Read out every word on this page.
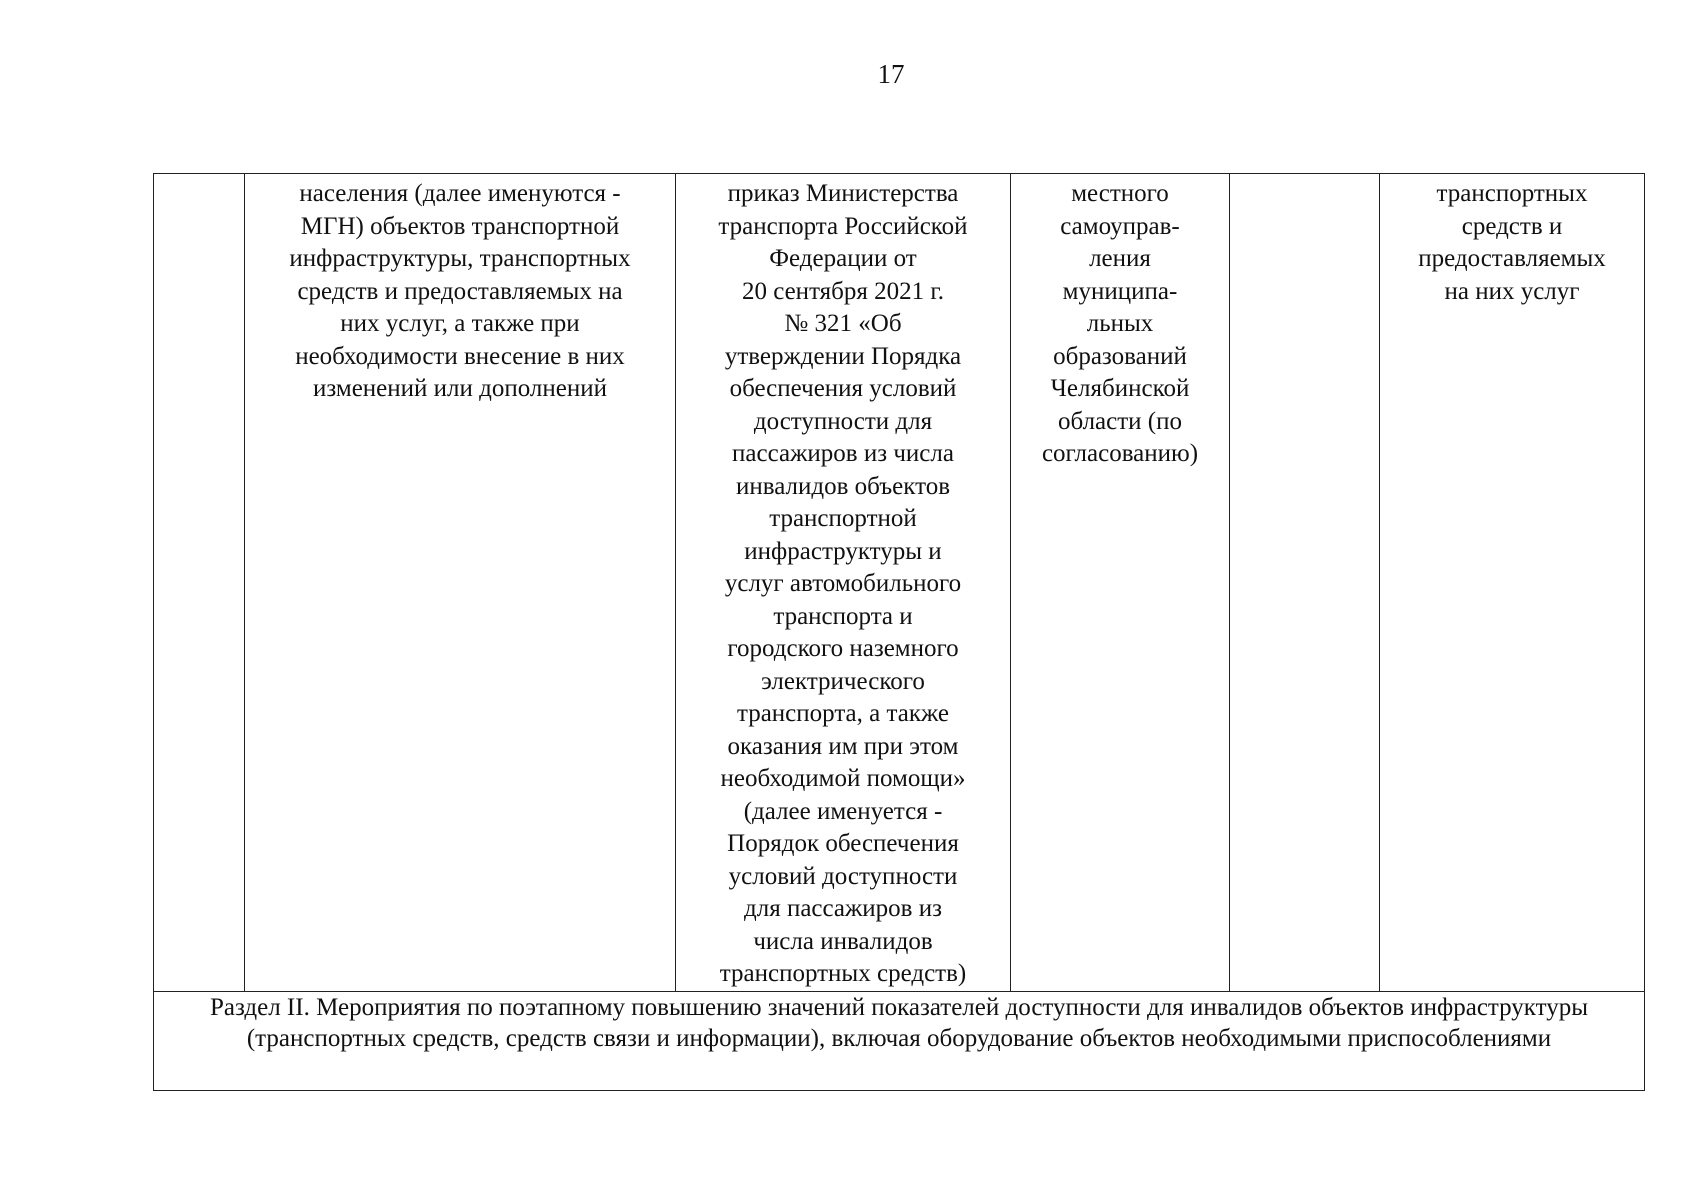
17
	населения (далее именуются -
МГН) объектов транспортной
инфраструктуры, транспортных
средств и предоставляемых на
них услуг, а также при
необходимости внесение в них
изменений или дополнений	приказ Министерства
транспорта Российской
Федерации от
20 сентября 2021 г.
№ 321 «Об
утверждении Порядка
обеспечения условий
доступности для
пассажиров из числа
инвалидов объектов
транспортной
инфраструктуры и
услуг автомобильного
транспорта и
городского наземного
электрического
транспорта, а также
оказания им при этом
необходимой помощи»
(далее именуется -
Порядок обеспечения
условий доступности
для пассажиров из
числа инвалидов
транспортных средств)	местного
самоуправ-
ления
муниципа-
льных
образований
Челябинской
области (по
согласованию)		транспортных
средств и
предоставляемых
на них услуг
Раздел II. Мероприятия по поэтапному повышению значений показателей доступности для инвалидов объектов инфраструктуры (транспортных средств, средств связи и информации), включая оборудование объектов необходимыми приспособлениями
